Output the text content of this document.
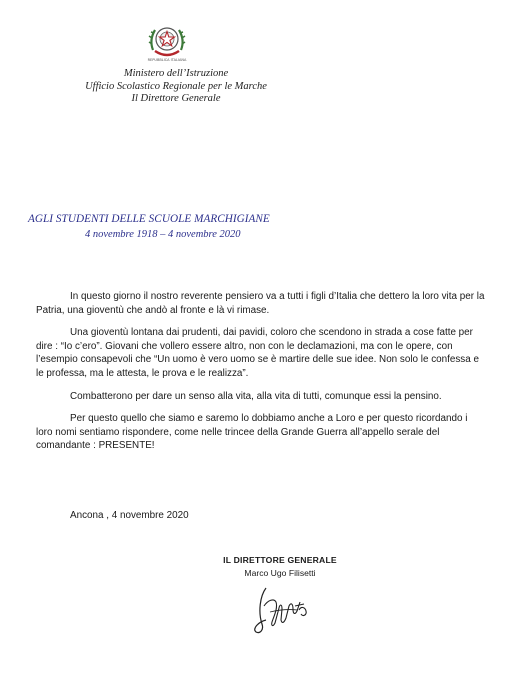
REPUBBLICA ITALIANA
Ministero dell’Istruzione
Ufficio Scolastico Regionale per le Marche
Il Direttore Generale
AGLI STUDENTI DELLE SCUOLE MARCHIGIANE
4 novembre 1918 – 4 novembre 2020

In questo giorno il nostro reverente pensiero va a tutti i figli d’Italia che dettero la loro vita per la Patria, una gioventù che andò al fronte e là vi rimase.

Una gioventù lontana dai prudenti, dai pavidi, coloro che scendono in strada a cose fatte per dire : “Io c’ero”. Giovani che vollero essere altro, non con le declamazioni, ma con le opere, con l’esempio consapevoli che “Un uomo è vero uomo se è martire delle sue idee. Non solo le confessa e le professa, ma le attesta, le prova e le realizza”.

Combatterono per dare un senso alla vita, alla vita di tutti, comunque essi la pensino.

Per questo quello che siamo e saremo lo dobbiamo anche a Loro e per questo ricordando i loro nomi sentiamo rispondere, come nelle trincee della Grande Guerra all’appello serale del comandante : PRESENTE!

Ancona , 4 novembre 2020
IL DIRETTORE GENERALE
Marco Ugo Filisetti
